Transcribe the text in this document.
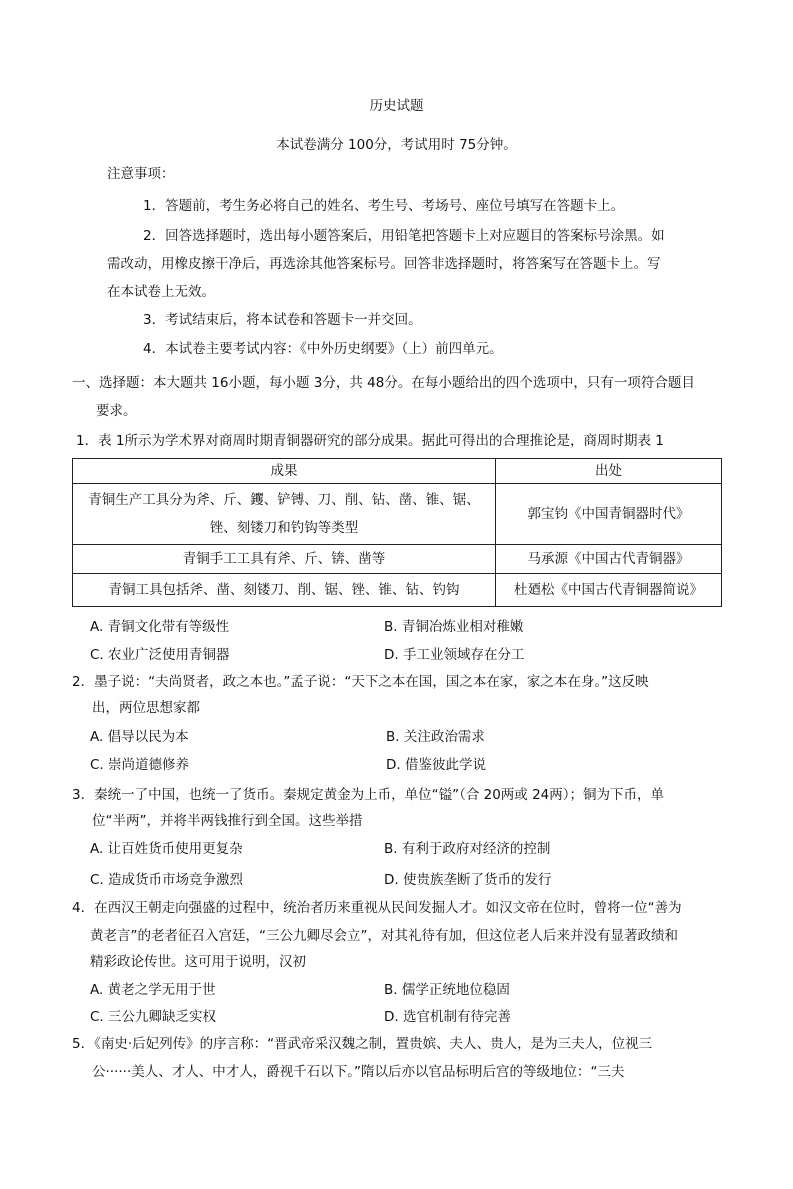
历史试题
本试卷满分 100分，考试用时 75分钟。
注意事项：
1．答题前，考生务必将自己的姓名、考生号、考场号、座位号填写在答题卡上。
2．回答选择题时，选出每小题答案后，用铅笔把答题卡上对应题目的答案标号涂黑。如
需改动，用橡皮擦干净后，再选涂其他答案标号。回答非选择题时，将答案写在答题卡上。写
在本试卷上无效。
3．考试结束后，将本试卷和答题卡一并交回。
4．本试卷主要考试内容：《中外历史纲要》（上）前四单元。
一、选择题：本大题共 16小题，每小题 3分，共 48分。在每小题给出的四个选项中，只有一项符合题目
要求。
1．表 1所示为学术界对商周时期青铜器研究的部分成果。据此可得出的合理推论是，商周时期表 1
成果	出处

青铜生产工具分为斧、斤、钁、铲镈、刀、削、钻、凿、锥、锯、
锉、刻镂刀和钓钩等类型	郭宝钧《中国青铜器时代》
青铜手工工具有斧、斤、锛、凿等	马承源《中国古代青铜器》
青铜工具包括斧、凿、刻镂刀、削、锯、锉、锥、钻、钓钩	杜廼松《中国古代青铜器简说》
A. 青铜文化带有等级性	B. 青铜冶炼业相对稚嫩
C. 农业广泛使用青铜器	D. 手工业领域存在分工
2．墨子说：“夫尚贤者，政之本也。”孟子说：“天下之本在国，国之本在家，家之本在身。”这反映
出，两位思想家都
A. 倡导以民为本	B. 关注政治需求
C. 崇尚道德修养	D. 借鉴彼此学说
3．秦统一了中国，也统一了货币。秦规定黄金为上币，单位“镒”（合 20两或 24两）；铜为下币，单
位“半两”，并将半两钱推行到全国。这些举措
A. 让百姓货币使用更复杂	B. 有利于政府对经济的控制
C. 造成货币市场竞争激烈	D. 使贵族垄断了货币的发行
4．在西汉王朝走向强盛的过程中，统治者历来重视从民间发掘人才。如汉文帝在位时，曾将一位“善为
黄老言”的老者征召入宫廷，“三公九卿尽会立”，对其礼待有加，但这位老人后来并没有显著政绩和
精彩政论传世。这可用于说明，汉初
A. 黄老之学无用于世	B. 儒学正统地位稳固
C. 三公九卿缺乏实权	D. 选官机制有待完善
5．《南史·后妃列传》的序言称：“晋武帝采汉魏之制，置贵嫔、夫人、贵人，是为三夫人，位视三
公······美人、才人、中才人，爵视千石以下。”隋以后亦以官品标明后宫的等级地位：“三夫
